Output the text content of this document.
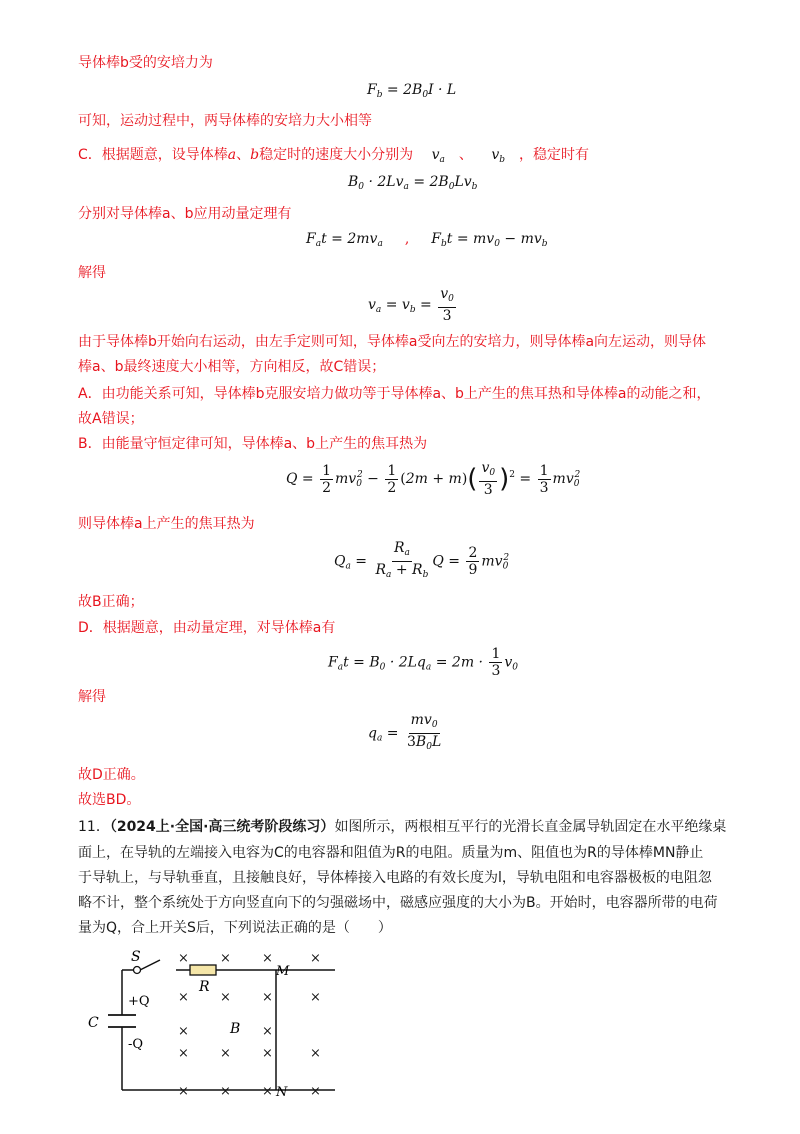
导体棒b受的安培力为
$F_b = 2B_0I \cdot L$
可知，运动过程中，两导体棒的安培力大小相等
C．根据题意，设导体棒a、b稳定时的速度大小分别为 $v_a$ 、 $v_b$ ，稳定时有
$B_0 \cdot 2Lv_a = 2B_0Lv_b$
分别对导体棒a、b应用动量定理有
$F_at = 2mv_a$ , $F_bt = mv_0 - mv_b$
解得
$v_a = v_b = \frac{v_0}{3}$
由于导体棒b开始向右运动，由左手定则可知，导体棒a受向左的安培力，则导体棒a向左运动，则导体
棒a、b最终速度大小相等，方向相反，故C错误；
A．由功能关系可知，导体棒b克服安培力做功等于导体棒a、b上产生的焦耳热和导体棒a的动能之和，
故A错误；
B．由能量守恒定律可知，导体棒a、b上产生的焦耳热为
$Q = \frac{1}{2} mv_0^2 - \frac{1}{2} (2m + m)( \frac{v_0}{3} )^2 = \frac{1}{3} mv_0^2$
则导体棒a上产生的焦耳热为
$Q_a = \frac{R_a}{R_a + R_b}$ $Q = \frac{2}{9} mv_0^2$
故B正确；
D．根据题意，由动量定理，对导体棒a有
$F_at = B_0 \cdot 2Lq_a = 2m \cdot \frac{1}{3} v_0$
解得
$q_a = \frac{mv_0}{3B_0L}$
故D正确。
故选BD。
11．（2024上·全国·高三统考阶段练习）如图所示，两根相互平行的光滑长直金属导轨固定在水平绝缘桌
面上，在导轨的左端接入电容为C的电容器和阻值为R的电阻。质量为m、阻值也为R的导体棒MN静止
于导轨上，与导轨垂直，且接触良好，导体棒接入电路的有效长度为l，导轨电阻和电容器极板的电阻忽
略不计，整个系统处于方向竖直向下的匀强磁场中，磁感应强度的大小为B。开始时，电容器所带的电荷
量为Q，合上开关S后，下列说法正确的是（　　）
S
R
C
+Q
-Q
B
M
N
× × ×	×
× × ×	×
×	×
× × ×	×
× × ×	×
